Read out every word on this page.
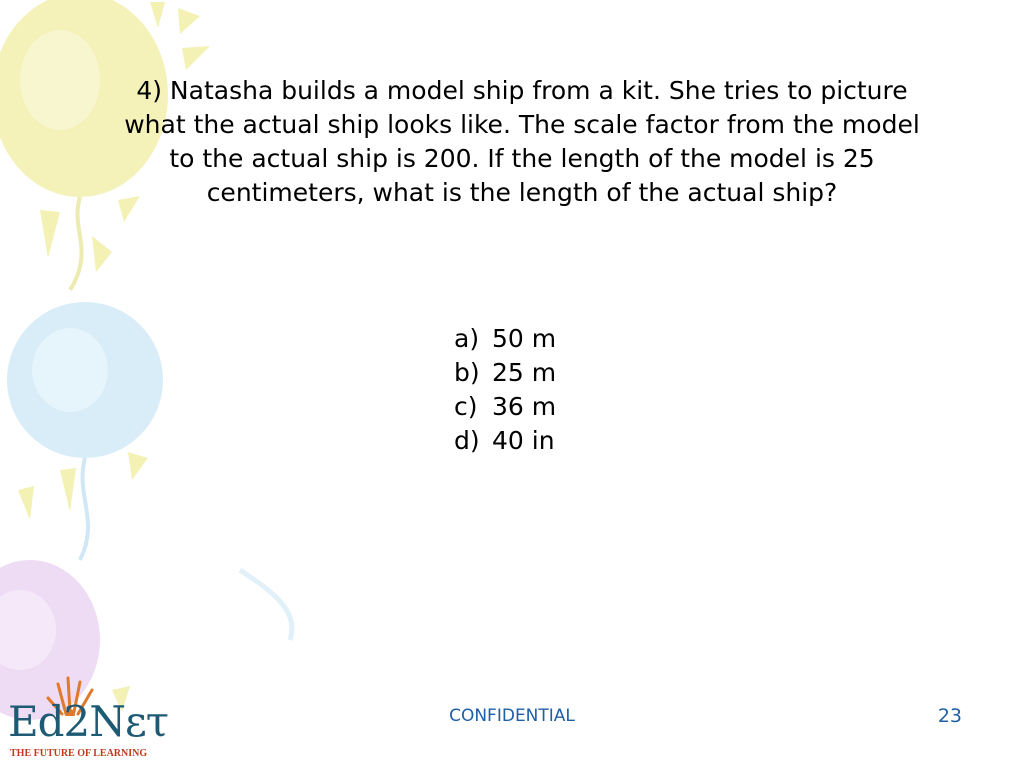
4) Natasha builds a model ship from a kit. She tries to picture what the actual ship looks like. The scale factor from the model to the actual ship is 200. If the length of the model is 25 centimeters, what is the length of the actual ship?

a) 50 m
b) 25 m
c) 36 m
d) 40 in
Ed2Nετ
THE FUTURE OF LEARNING
CONFIDENTIAL	23
